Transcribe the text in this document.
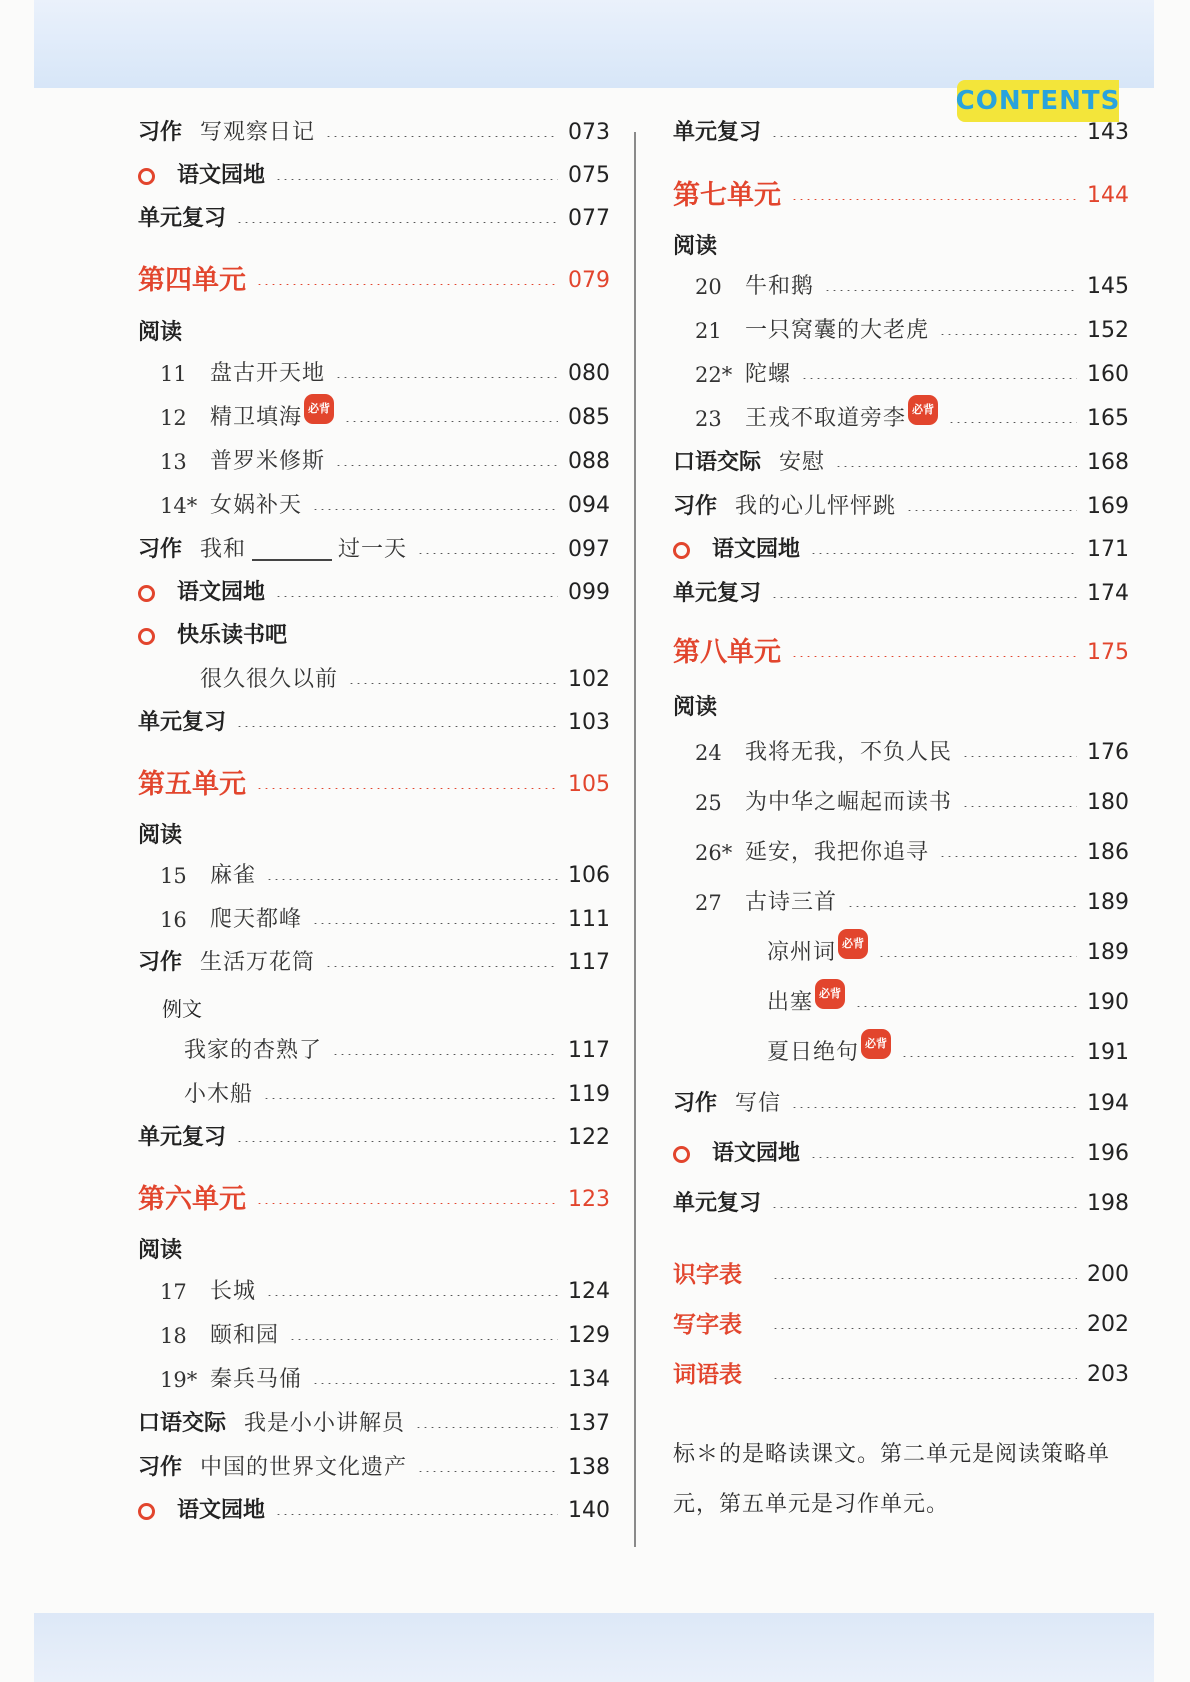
CONTENTS
习作 写观察日记	073
语文园地	075
单元复习	077
第四单元	079
阅读
11	盘古开天地	080
12	精卫填海 必背	085
13	普罗米修斯	088
14* 女娲补天	094
习作 我和	过一天	097
语文园地	099
快乐读书吧
很久很久以前	102
单元复习	103
第五单元	105
阅读
15	麻雀	106
16	爬天都峰	111
习作 生活万花筒	117
例文
我家的杏熟了	117
小木船	119
单元复习	122
第六单元	123
阅读
17	长城	124
18	颐和园	129
19* 秦兵马俑	134
口语交际 我是小小讲解员	137
习作 中国的世界文化遗产	138
语文园地	140
单元复习	143
第七单元	144
阅读
20	牛和鹅	145
21	一只窝囊的大老虎	152
22* 陀螺	160
23	王戎不取道旁李 必背	165
口语交际 安慰	168
习作 我的心儿怦怦跳	169
语文园地	171
单元复习	174
第八单元	175
阅读
24	我将无我，不负人民	176
25	为中华之崛起而读书	180
26* 延安，我把你追寻	186
27	古诗三首	189
凉州词 必背	189
出塞 必背	190
夏日绝句 必背	191
习作 写信	194
语文园地	196
单元复习	198
识字表	200
写字表	202
词语表	203
标＊的是略读课文。第二单元是阅读策略单元，第五单元是习作单元。
